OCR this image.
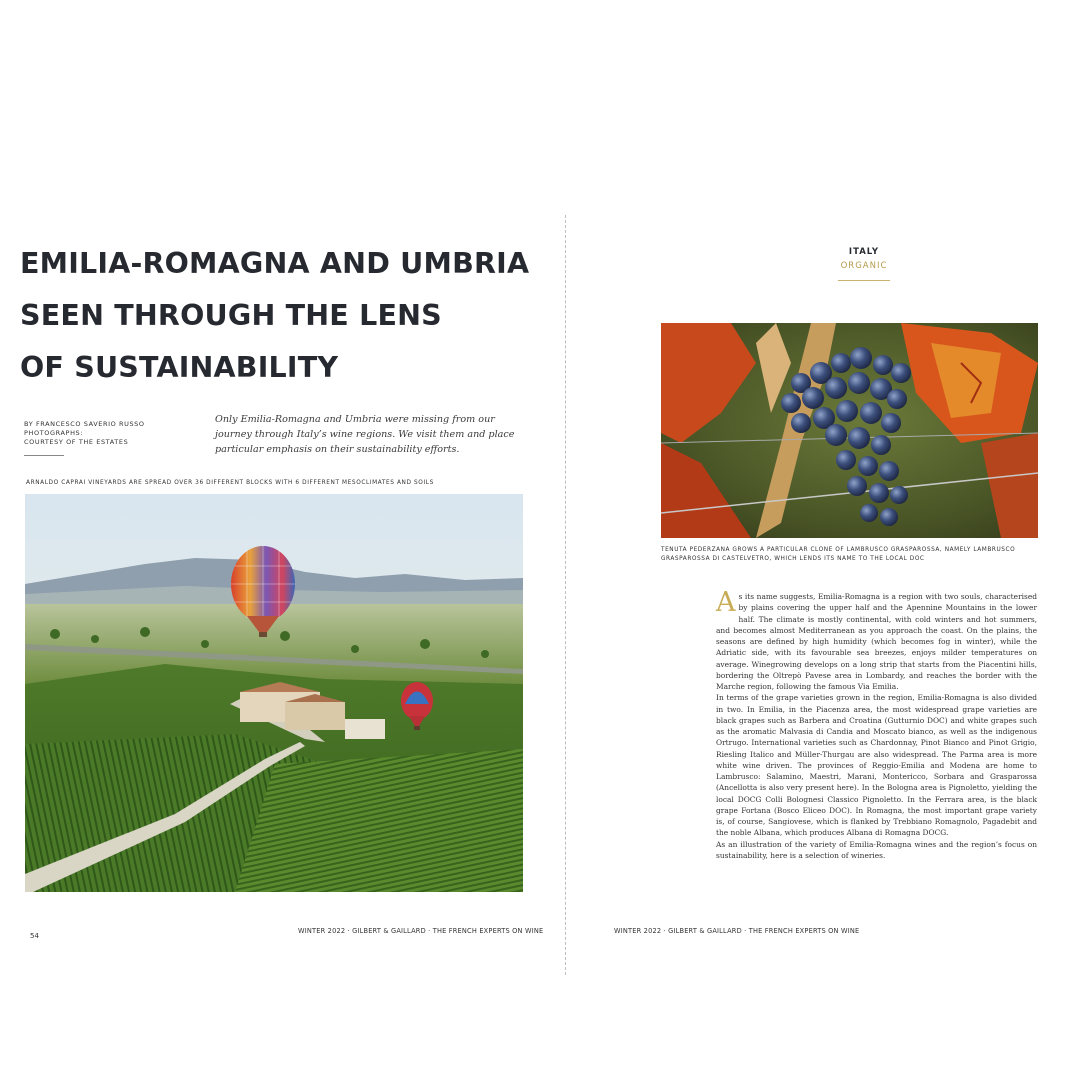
EMILIA-ROMAGNA AND UMBRIA
SEEN THROUGH THE LENS
OF SUSTAINABILITY
BY FRANCESCO SAVERIO RUSSO
PHOTOGRAPHS:
COURTESY OF THE ESTATES

Only Emilia-Romagna and Umbria were missing from our journey through Italy’s wine regions. We visit them and place particular emphasis on their sustainability efforts.

ARNALDO CAPRAI VINEYARDS ARE SPREAD OVER 36 DIFFERENT BLOCKS WITH 6 DIFFERENT MESOCLIMATES AND SOILS
54
WINTER 2022 · GILBERT & GAILLARD · THE FRENCH EXPERTS ON WINE
ITALY
ORGANIC
TENUTA PEDERZANA GROWS A PARTICULAR CLONE OF LAMBRUSCO GRASPAROSSA, NAMELY LAMBRUSCO GRASPAROSSA DI CASTELVETRO, WHICH LENDS ITS NAME TO THE LOCAL DOC

As its name suggests, Emilia-Romagna is a region with two souls, characterised by plains covering the upper half and the Apennine Mountains in the lower half. The climate is mostly continental, with cold winters and hot summers, and becomes almost Mediterranean as you approach the coast. On the plains, the seasons are defined by high humidity (which becomes fog in winter), while the Adriatic side, with its favourable sea breezes, enjoys milder temperatures on average. Winegrowing develops on a long strip that starts from the Piacentini hills, bordering the Oltrepò Pavese area in Lombardy, and reaches the border with the Marche region, following the famous Via Emilia.

In terms of the grape varieties grown in the region, Emilia-Romagna is also divided in two. In Emilia, in the Piacenza area, the most widespread grape varieties are black grapes such as Barbera and Croatina (Gutturnio DOC) and white grapes such as the aromatic Malvasia di Candia and Moscato bianco, as well as the indigenous Ortrugo. International varieties such as Chardonnay, Pinot Bianco and Pinot Grigio, Riesling Italico and Müller-Thurgau are also widespread. The Parma area is more white wine driven. The provinces of Reggio-Emilia and Modena are home to Lambrusco: Salamino, Maestri, Marani, Montericco, Sorbara and Grasparossa (Ancellotta is also very present here). In the Bologna area is Pignoletto, yielding the local DOCG Colli Bolognesi Classico Pignoletto. In the Ferrara area, is the black grape Fortana (Bosco Eliceo DOC). In Romagna, the most important grape variety is, of course, Sangiovese, which is flanked by Trebbiano Romagnolo, Pagadebit and the noble Albana, which produces Albana di Romagna DOCG.

As an illustration of the variety of Emilia-Romagna wines and the region’s focus on sustainability, here is a selection of wineries.

WINTER 2022 · GILBERT & GAILLARD · THE FRENCH EXPERTS ON WINE
